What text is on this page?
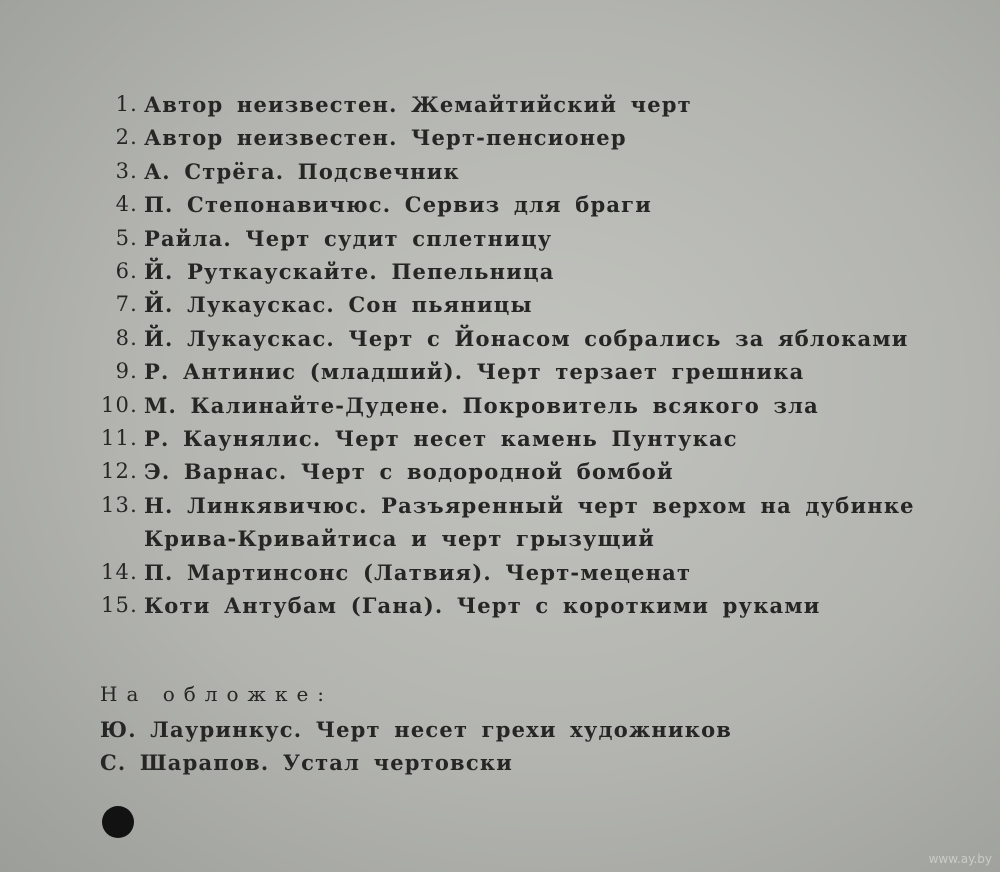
1. Автор неизвестен. Жемайтийский черт
2. Автор неизвестен. Черт-пенсионер
3. А. Стрёга. Подсвечник
4. П. Степонавичюс. Сервиз для браги
5. Райла. Черт судит сплетницу
6. Й. Руткаускайте. Пепельница
7. Й. Лукаускас. Сон пьяницы
8. Й. Лукаускас. Черт с Йонасом собрались за яблоками
9. Р. Антинис (младший). Черт терзает грешника
10. М. Калинайте-Дудене. Покровитель всякого зла
11. Р. Каунялис. Черт несет камень Пунтукас
12. Э. Варнас. Черт с водородной бомбой
13. Н. Линкявичюс. Разъяренный черт верхом на дубинке
Крива-Кривайтиса и черт грызущий
14. П. Мартинсонс (Латвия). Черт-меценат
15. Коти Антубам (Гана). Черт с короткими руками
На обложке:
Ю. Лауринкус. Черт несет грехи художников
С. Шарапов. Устал чертовски
www.ay.by
